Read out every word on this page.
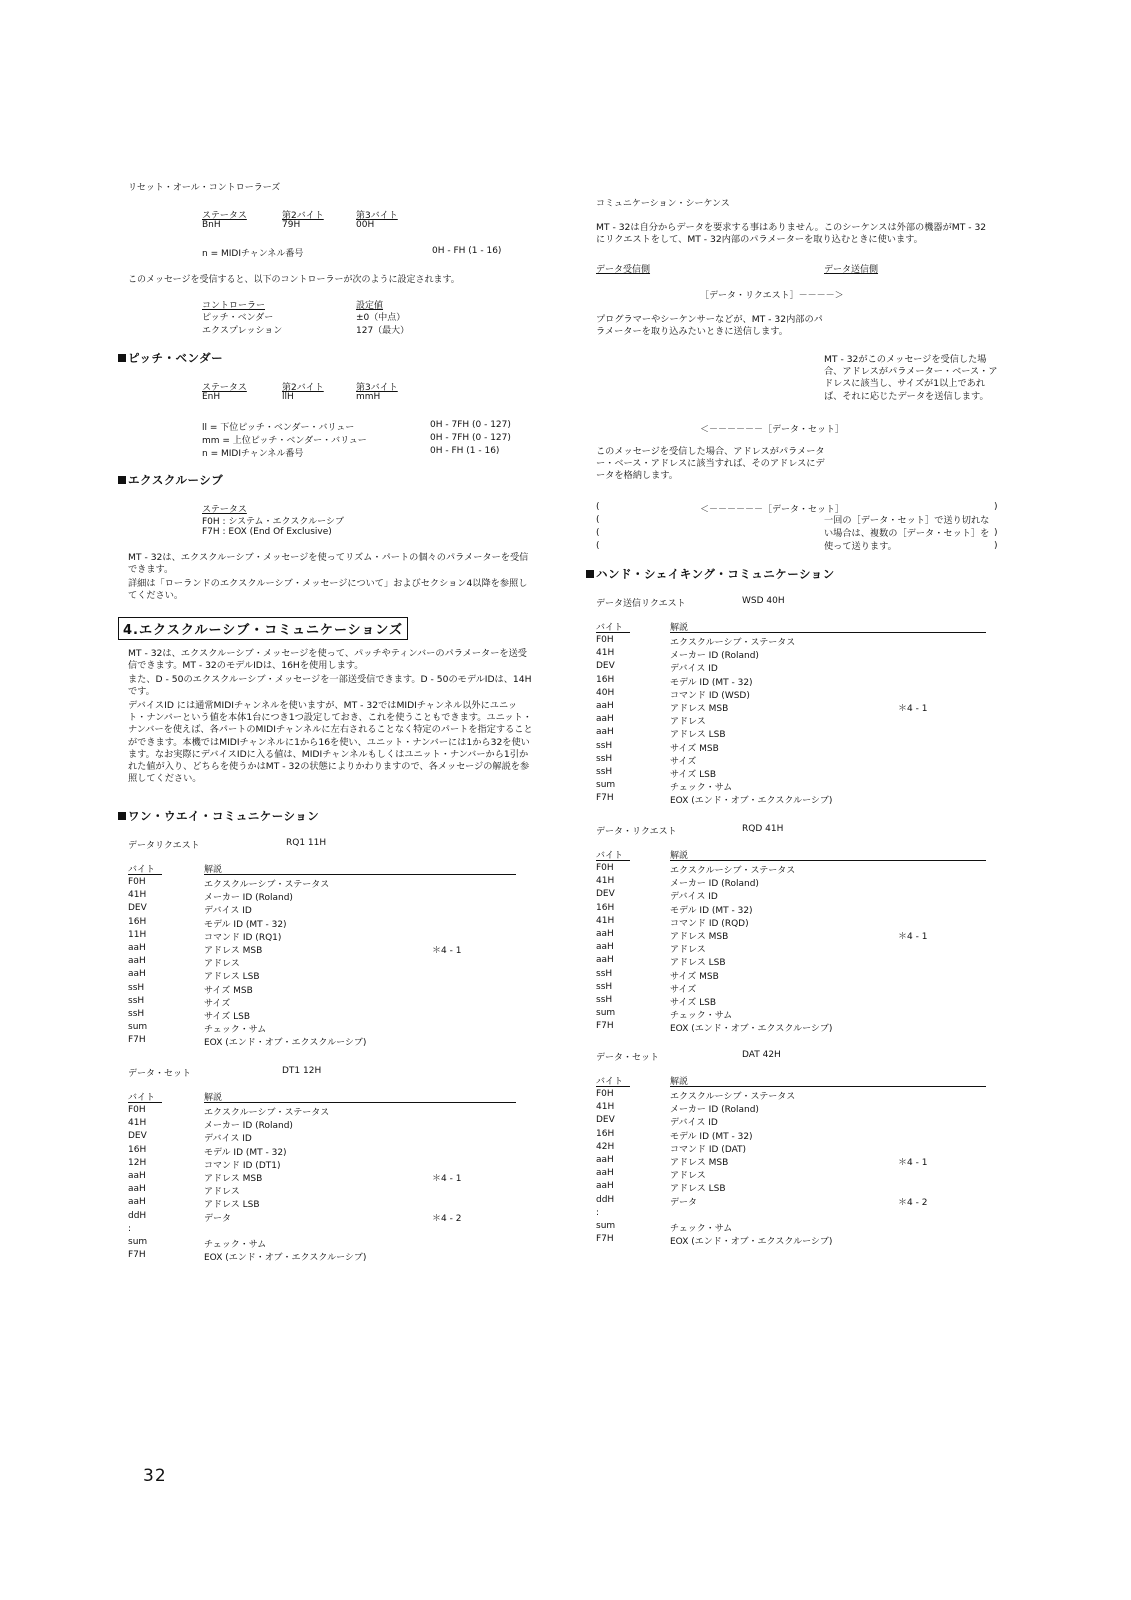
リセット・オール・コントローラーズ
ステータス	第2バイト	第3バイト
BnH	79H	00H
n = MIDIチャンネル番号	0H - FH (1 - 16)
このメッセージを受信すると、以下のコントローラーが次のように設定されます。
コントローラー	設定値
ピッチ・ベンダー	±0（中点）
エクスプレッション	127（最大）
ピッチ・ベンダー
ステータス	第2バイト	第3バイト
EnH	llH	mmH
ll = 下位ピッチ・ベンダー・バリュー	0H - 7FH (0 - 127)
mm = 上位ピッチ・ベンダー・バリュー	0H - 7FH (0 - 127)
n = MIDIチャンネル番号	0H - FH (1 - 16)
エクスクルーシブ
ステータス
F0H : システム・エクスクルーシブ
F7H : EOX (End Of Exclusive)
MT - 32は、エクスクルーシブ・メッセージを使ってリズム・パートの個々のパラメーターを受信できます。
詳細は「ローランドのエクスクルーシブ・メッセージについて」およびセクション4以降を参照してください。
4.エクスクルーシブ・コミュニケーションズ
MT - 32は、エクスクルーシブ・メッセージを使って、パッチやティンバーのパラメーターを送受信できます。MT - 32のモデルIDは、16Hを使用します。
また、D - 50のエクスクルーシブ・メッセージを一部送受信できます。D - 50のモデルIDは、14Hです。
デバイスID には通常MIDIチャンネルを使いますが、MT - 32ではMIDIチャンネル以外にユニット・ナンバーという値を本体1台につき1つ設定しておき、これを使うこともできます。ユニット・ナンバーを使えば、各パートのMIDIチャンネルに左右されることなく特定のパートを指定することができます。本機ではMIDIチャンネルに1から16を使い、ユニット・ナンバーには1から32を使います。なお実際にデバイスIDに入る値は、MIDIチャンネルもしくはユニット・ナンバーから1引かれた値が入り、どちらを使うかはMT - 32の状態によりかわりますので、各メッセージの解説を参照してください。
ワン・ウエイ・コミュニケーション
データリクエスト	RQ1 11H
バイト	解説
F0H	エクスクルーシブ・ステータス
41H	メーカー ID (Roland)
DEV	デバイス ID
16H	モデル ID (MT - 32)
11H	コマンド ID (RQ1)
aaH	アドレス MSB	＊4 - 1
aaH	アドレス
aaH	アドレス LSB
ssH	サイズ MSB
ssH	サイズ
ssH	サイズ LSB
sum	チェック・サム
F7H	EOX (エンド・オブ・エクスクルーシブ)
データ・セット	DT1 12H
バイト	解説
F0H	エクスクルーシブ・ステータス
41H	メーカー ID (Roland)
DEV	デバイス ID
16H	モデル ID (MT - 32)
12H	コマンド ID (DT1)
aaH	アドレス MSB	＊4 - 1
aaH	アドレス
aaH	アドレス LSB
ddH	データ	＊4 - 2
:
sum	チェック・サム
F7H	EOX (エンド・オブ・エクスクルーシブ)
コミュニケーション・シーケンス
MT - 32は自分からデータを要求する事はありません。このシーケンスは外部の機器がMT - 32にリクエストをして、MT - 32内部のパラメーターを取り込むときに使います。
データ受信側	データ送信側
［データ・リクエスト］－－－－＞
プログラマーやシーケンサーなどが、MT - 32内部のパラメーターを取り込みたいときに送信します。
MT - 32がこのメッセージを受信した場合、アドレスがパラメーター・ベース・アドレスに該当し、サイズが1以上であれば、それに応じたデータを送信します。
＜－－－－－－［データ・セット］
このメッセージを受信した場合、アドレスがパラメーター・ベース・アドレスに該当すれば、そのアドレスにデータを格納します。
(
(
(
(
＜－－－－－－［データ・セット］
一回の［データ・セット］で送り切れない場合は、複数の［データ・セット］を使って送ります。
)
)
)
ハンド・シェイキング・コミュニケーション
データ送信リクエスト	WSD 40H
バイト	解説
F0H	エクスクルーシブ・ステータス
41H	メーカー ID (Roland)
DEV	デバイス ID
16H	モデル ID (MT - 32)
40H	コマンド ID (WSD)
aaH	アドレス MSB	＊4 - 1
aaH	アドレス
aaH	アドレス LSB
ssH	サイズ MSB
ssH	サイズ
ssH	サイズ LSB
sum	チェック・サム
F7H	EOX (エンド・オブ・エクスクルーシブ)
データ・リクエスト	RQD 41H
バイト	解説
F0H	エクスクルーシブ・ステータス
41H	メーカー ID (Roland)
DEV	デバイス ID
16H	モデル ID (MT - 32)
41H	コマンド ID (RQD)
aaH	アドレス MSB	＊4 - 1
aaH	アドレス
aaH	アドレス LSB
ssH	サイズ MSB
ssH	サイズ
ssH	サイズ LSB
sum	チェック・サム
F7H	EOX (エンド・オブ・エクスクルーシブ)
データ・セット	DAT 42H
バイト	解説
F0H	エクスクルーシブ・ステータス
41H	メーカー ID (Roland)
DEV	デバイス ID
16H	モデル ID (MT - 32)
42H	コマンド ID (DAT)
aaH	アドレス MSB	＊4 - 1
aaH	アドレス
aaH	アドレス LSB
ddH	データ	＊4 - 2
:
sum	チェック・サム
F7H	EOX (エンド・オブ・エクスクルーシブ)
32
